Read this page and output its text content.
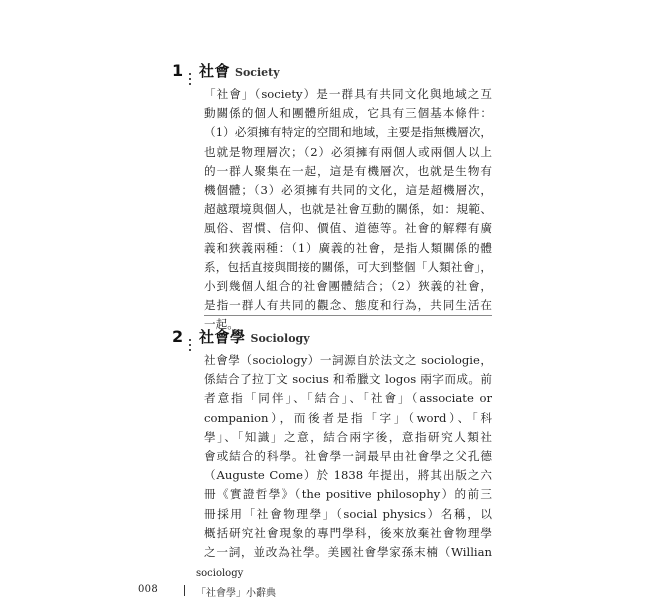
1 社會 Society
「社會」（society）是一群具有共同文化與地域之互
動關係的個人和團體所組成，它具有三個基本條件：
（1）必須擁有特定的空間和地域，主要是指無機層次，
也就是物理層次；（2）必須擁有兩個人或兩個人以上
的一群人聚集在一起，這是有機層次，也就是生物有
機個體；（3）必須擁有共同的文化，這是超機層次，
超越環境與個人，也就是社會互動的關係，如：規範、
風俗、習慣、信仰、價值、道德等。社會的解釋有廣
義和狹義兩種：（1）廣義的社會，是指人類關係的體
系，包括直接與間接的關係，可大到整個「人類社會」，
小到幾個人組合的社會團體結合；（2）狹義的社會，
是指一群人有共同的觀念、態度和行為，共同生活在
一起。
2 社會學 Sociology
社會學（sociology）一詞源自於法文之 sociologie，
係結合了拉丁文 socius 和希臘文 logos 兩字而成。前
者意指「同伴」、「結合」、「社會」（associate or
companion），而後者是指「字」（word）、「科
學」、「知識」之意，結合兩字後，意指研究人類社
會或結合的科學。社會學一詞最早由社會學之父孔德
（Auguste Come）於 1838 年提出，將其出版之六
冊《實證哲學》（the positive philosophy）的前三
冊採用「社會物理學」（social physics）名稱，以
概括研究社會現象的專門學科，後來放棄社會物理學
之一詞，並改為社學。美國社會學家孫末楠（Willian
008
sociology
「社會學」小辭典
